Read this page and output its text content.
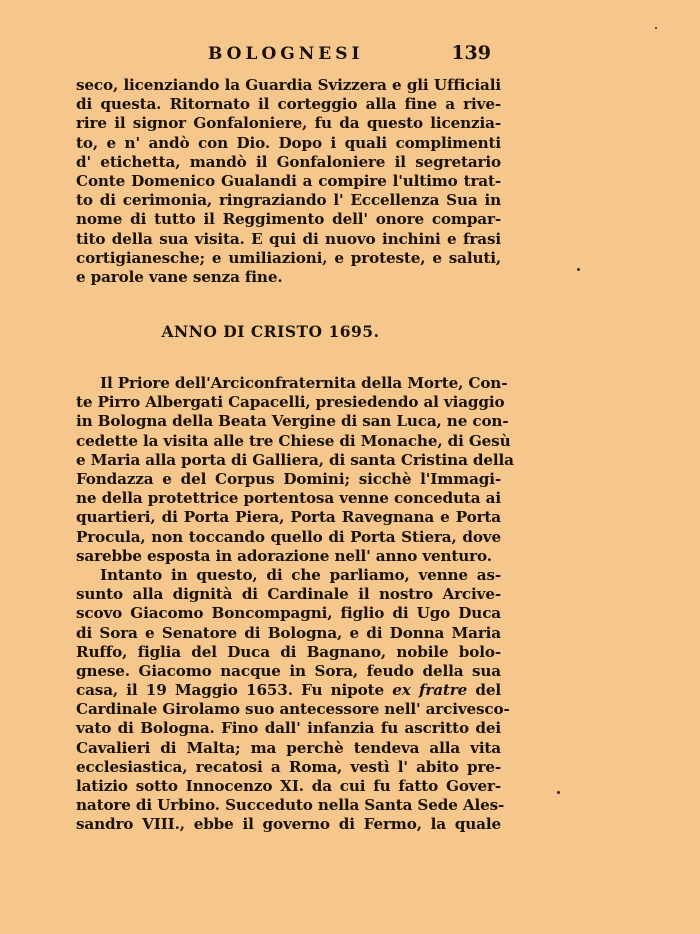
BOLOGNESI	139
seco, licenziando la Guardia Svizzera e gli Ufficiali
di questa. Ritornato il corteggio alla fine a rive-
rire il signor Gonfaloniere, fu da questo licenzia-
to, e n' andò con Dio. Dopo i quali complimenti
d' etichetta, mandò il Gonfaloniere il segretario
Conte Domenico Gualandi a compire l'ultimo trat-
to di cerimonia, ringraziando l' Eccellenza Sua in
nome di tutto il Reggimento dell' onore compar-
tito della sua visita. E qui di nuovo inchini e frasi
cortigianesche; e umiliazioni, e proteste, e saluti,
e parole vane senza fine.
ANNO DI CRISTO 1695.
Il Priore dell'Arciconfraternita della Morte, Con-
te Pirro Albergati Capacelli, presiedendo al viaggio
in Bologna della Beata Vergine di san Luca, ne con-
cedette la visita alle tre Chiese di Monache, di Gesù
e Maria alla porta di Galliera, di santa Cristina della
Fondazza e del Corpus Domini; sicchè l'Immagi-
ne della protettrice portentosa venne conceduta ai
quartieri, di Porta Piera, Porta Ravegnana e Porta
Procula, non toccando quello di Porta Stiera, dove
sarebbe esposta in adorazione nell' anno venturo.
Intanto in questo, di che parliamo, venne as-
sunto alla dignità di Cardinale il nostro Arcive-
scovo Giacomo Boncompagni, figlio di Ugo Duca
di Sora e Senatore di Bologna, e di Donna Maria
Ruffo, figlia del Duca di Bagnano, nobile bolo-
gnese. Giacomo nacque in Sora, feudo della sua
casa, il 19 Maggio 1653. Fu nipote ex fratre del
Cardinale Girolamo suo antecessore nell' arcivesco-
vato di Bologna. Fino dall' infanzia fu ascritto dei
Cavalieri di Malta; ma perchè tendeva alla vita
ecclesiastica, recatosi a Roma, vestì l' abito pre-
latizio sotto Innocenzo XI. da cui fu fatto Gover-
natore di Urbino. Succeduto nella Santa Sede Ales-
sandro VIII., ebbe il governo di Fermo, la quale
